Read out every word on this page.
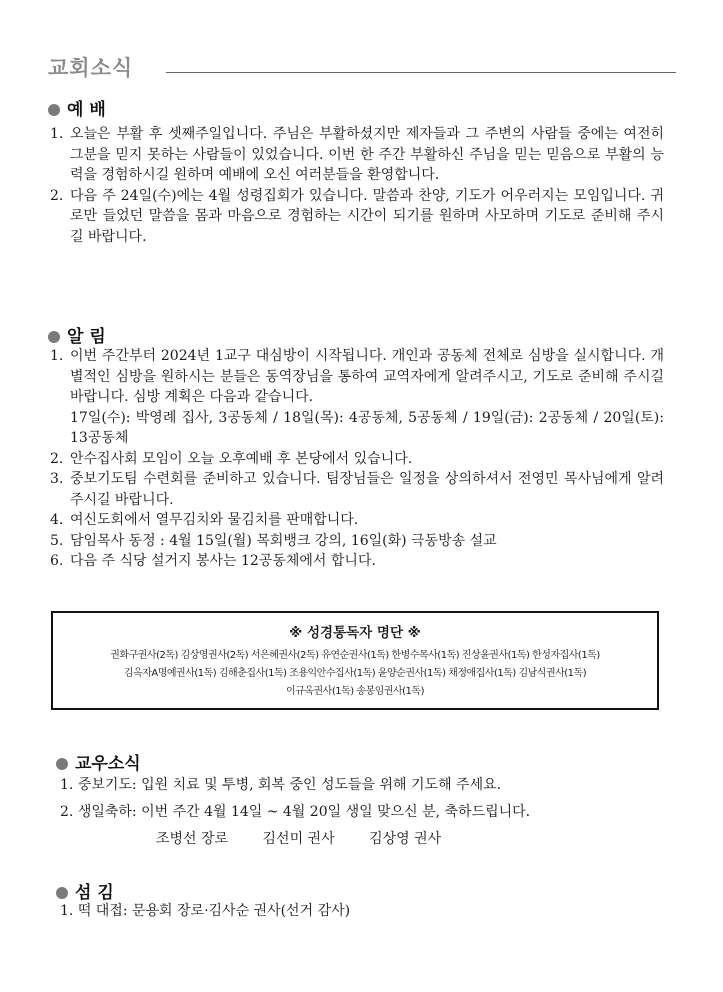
교회소식
예 배
1. 오늘은 부활 후 셋째주일입니다. 주님은 부활하셨지만 제자들과 그 주변의 사람들 중에는 여전히 그분을 믿지 못하는 사람들이 있었습니다. 이번 한 주간 부활하신 주님을 믿는 믿음으로 부활의 능력을 경험하시길 원하며 예배에 오신 여러분들을 환영합니다.
2. 다음 주 24일(수)에는 4월 성령집회가 있습니다. 말씀과 찬양, 기도가 어우러지는 모임입니다. 귀로만 들었던 말씀을 몸과 마음으로 경험하는 시간이 되기를 원하며 사모하며 기도로 준비해 주시길 바랍니다.
알 림
1. 이번 주간부터 2024년 1교구 대심방이 시작됩니다. 개인과 공동체 전체로 심방을 실시합니다. 개별적인 심방을 원하시는 분들은 동역장님을 통하여 교역자에게 알려주시고, 기도로 준비해 주시길 바랍니다. 심방 계획은 다음과 같습니다.
17일(수): 박영례 집사, 3공동체 / 18일(목): 4공동체, 5공동체 / 19일(금): 2공동체 / 20일(토): 13공동체
2. 안수집사회 모임이 오늘 오후예배 후 본당에서 있습니다.
3. 중보기도팀 수련회를 준비하고 있습니다. 팀장님들은 일정을 상의하셔서 전영민 목사님에게 알려주시길 바랍니다.
4. 여신도회에서 열무김치와 물김치를 판매합니다.
5. 담임목사 동정 : 4월 15일(월) 목회뱅크 강의, 16일(화) 극동방송 설교
6. 다음 주 식당 설거지 봉사는 12공동체에서 합니다.
※ 성경통독자 명단 ※
권화구권사(2독) 김상영권사(2독) 서은혜권사(2독) 유연순권사(1독) 한병수목사(1독) 진상윤권사(1독) 한성자집사(1독)
김옥자A명예권사(1독) 김해춘집사(1독) 조용익안수집사(1독) 윤양순권사(1독) 채정애집사(1독) 김남식권사(1독)
이규옥권사(1독) 송봉임권사(1독)
교우소식
1. 중보기도: 입원 치료 및 투병, 회복 중인 성도들을 위해 기도해 주세요.
2. 생일축하: 이번 주간 4월 14일 ~ 4월 20일 생일 맞으신 분, 축하드립니다.
조병선 장로 김선미 권사 김상영 권사
섬 김
1. 떡 대접: 문용회 장로·김사순 권사(선거 감사)
